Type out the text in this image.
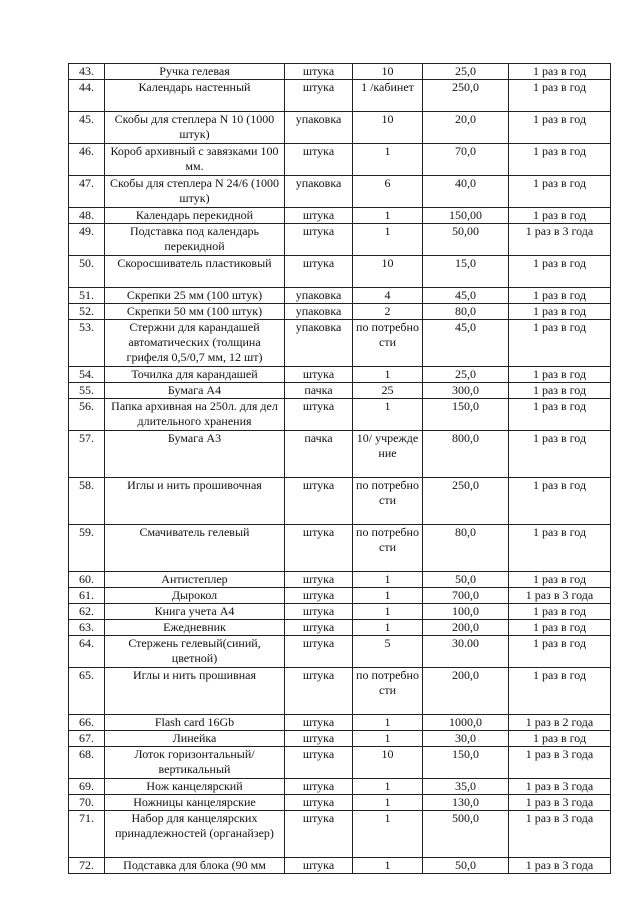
43.	Ручка гелевая	штука	10	25,0	1 раз в год
44.	Календарь настенный	штука	1 /кабинет	250,0	1 раз в год
45.	Скобы для степлера N 10 (1000 штук)	упаковка	10	20,0	1 раз в год
46.	Короб архивный с завязками 100 мм.	штука	1	70,0	1 раз в год
47.	Скобы для степлера N 24/6 (1000 штук)	упаковка	6	40,0	1 раз в год
48.	Календарь перекидной	штука	1	150,00	1 раз в год
49.	Подставка под календарь перекидной	штука	1	50,00	1 раз в 3 года
50.	Скоросшиватель пластиковый	штука	10	15,0	1 раз в год
51.	Скрепки 25 мм (100 штук)	упаковка	4	45,0	1 раз в год
52.	Скрепки 50 мм (100 штук)	упаковка	2	80,0	1 раз в год
53.	Стержни для карандашей автоматических (толщина грифеля 0,5/0,7 мм, 12 шт)	упаковка	по потребно сти	45,0	1 раз в год
54.	Точилка для карандашей	штука	1	25,0	1 раз в год
55.	Бумага А4	пачка	25	300,0	1 раз в год
56.	Папка архивная на 250л. для дел длительного хранения	штука	1	150,0	1 раз в год
57.	Бумага А3	пачка	10/ учрежде ние	800,0	1 раз в год
58.	Иглы и нить прошивочная	штука	по потребно сти	250,0	1 раз в год
59.	Смачиватель гелевый	штука	по потребно сти	80,0	1 раз в год
60.	Антистеплер	штука	1	50,0	1 раз в год
61.	Дырокол	штука	1	700,0	1 раз в 3 года
62.	Книга учета А4	штука	1	100,0	1 раз в год
63.	Ежедневник	штука	1	200,0	1 раз в год
64.	Стержень гелевый(синий, цветной)	штука	5	30.00	1 раз в год
65.	Иглы и нить прошивная	штука	по потребно сти	200,0	1 раз в год
66.	Flash card 16Gb	штука	1	1000,0	1 раз в 2 года
67.	Линейка	штука	1	30,0	1 раз в год
68.	Лоток горизонтальный/ вертикальный	штука	10	150,0	1 раз в 3 года
69.	Нож канцелярский	штука	1	35,0	1 раз в 3 года
70.	Ножницы канцелярские	штука	1	130,0	1 раз в 3 года
71.	Набор для канцелярских принадлежностей (органайзер)	штука	1	500,0	1 раз в 3 года
72.	Подставка для блока (90 мм	штука	1	50,0	1 раз в 3 года
